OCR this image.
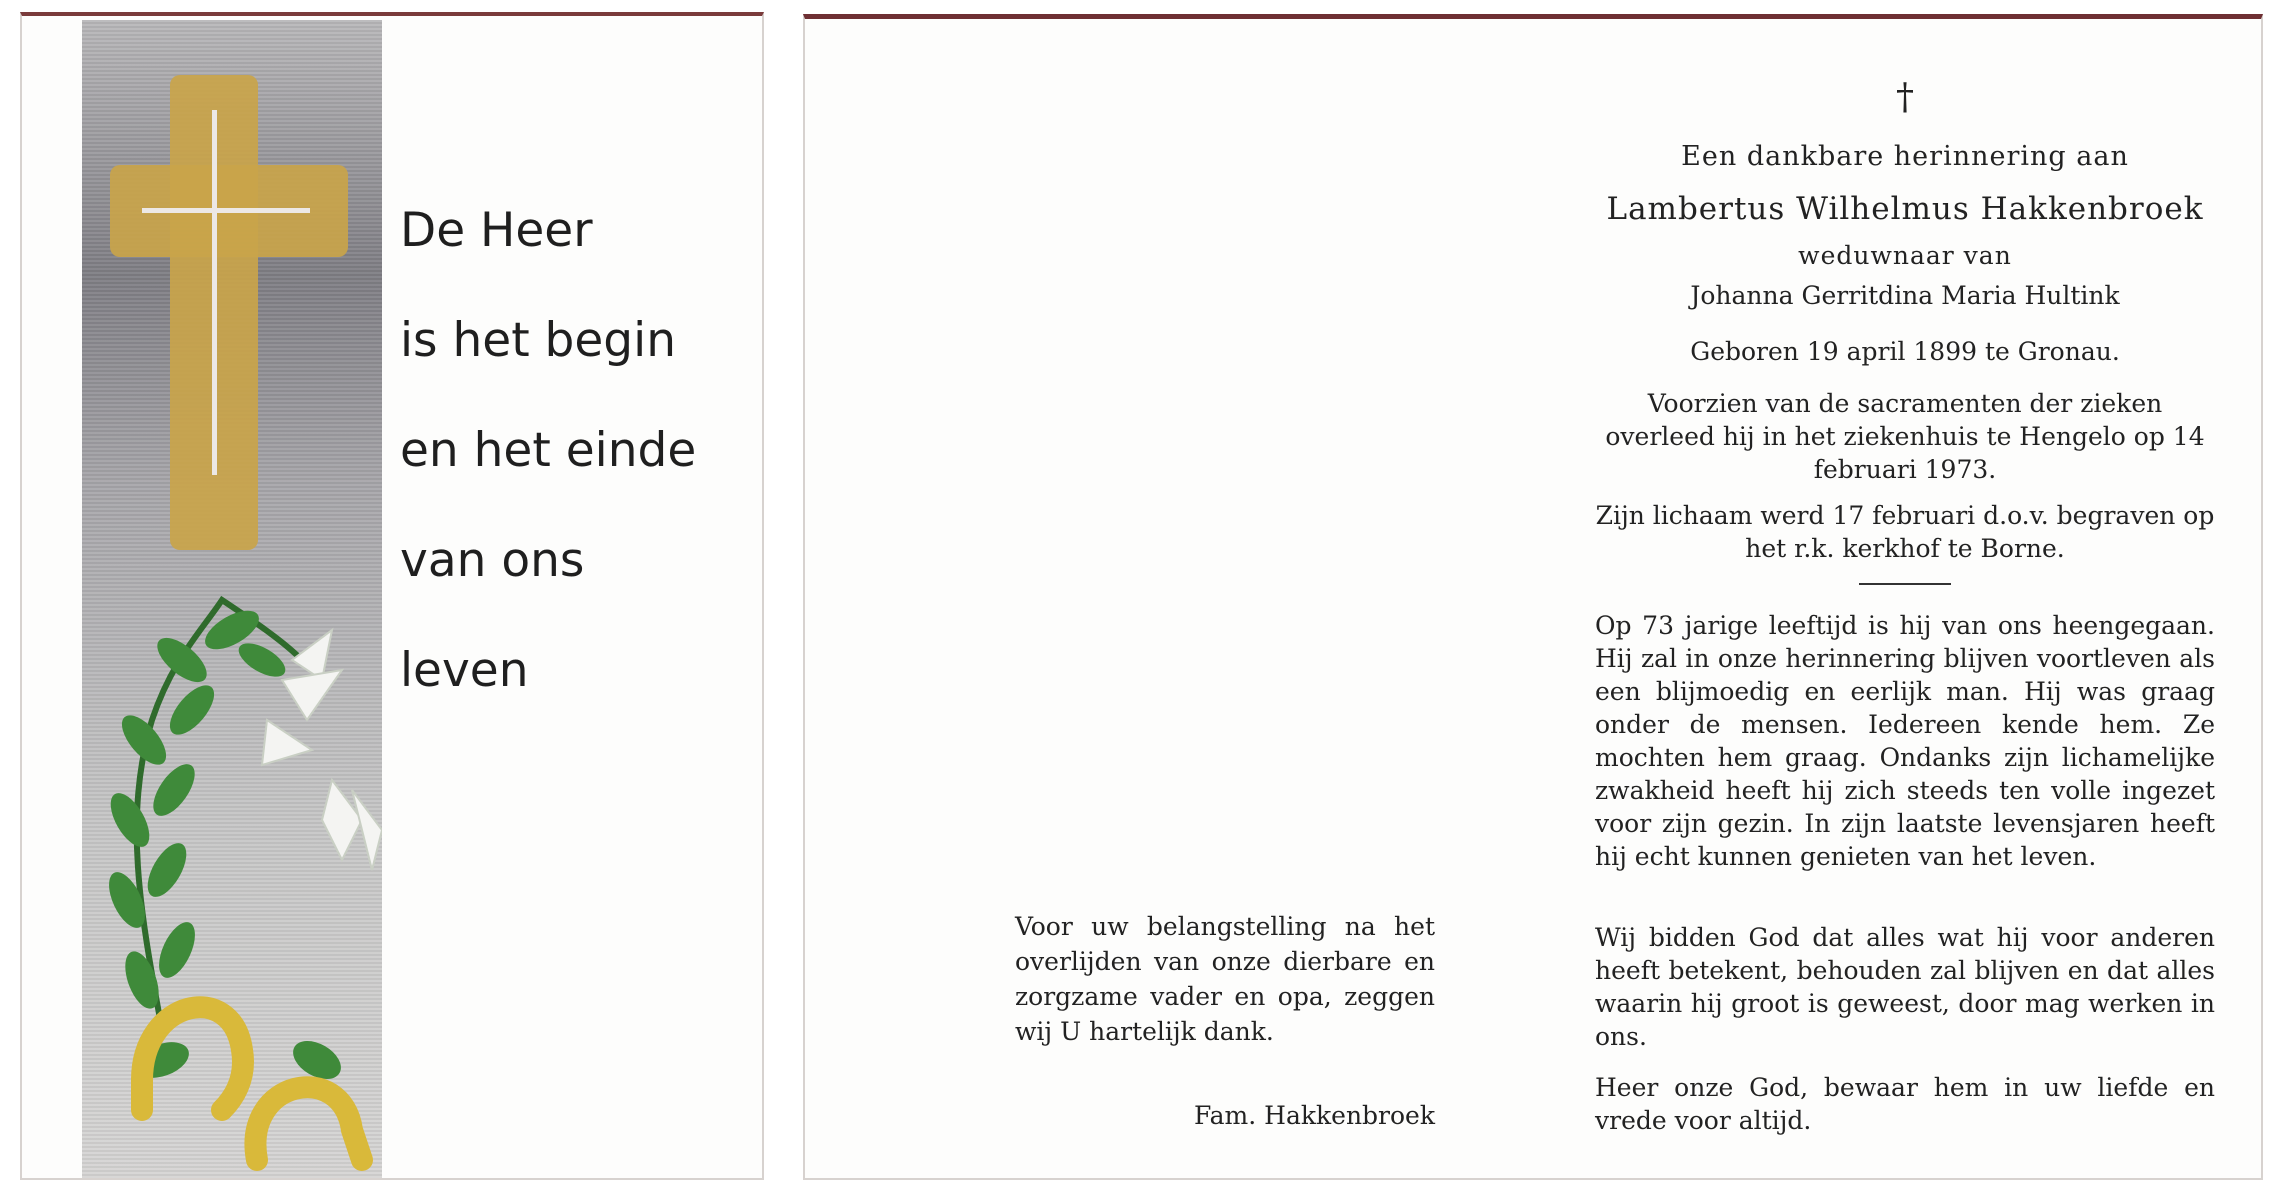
De Heer
is het begin
en het einde
van ons
leven
Voor uw belangstelling na het overlijden van onze dierbare en zorgzame vader en opa, zeggen wij U hartelijk dank.
Fam. Hakkenbroek
†
Een dankbare herinnering aan
Lambertus Wilhelmus Hakkenbroek
weduwnaar van
Johanna Gerritdina Maria Hultink
Geboren 19 april 1899 te Gronau.
Voorzien van de sacramenten der zieken overleed hij in het ziekenhuis te Hengelo op 14 februari 1973.
Zijn lichaam werd 17 februari d.o.v. begraven op het r.k. kerkhof te Borne.
Op 73 jarige leeftijd is hij van ons heengegaan. Hij zal in onze herinnering blijven voortleven als een blijmoedig en eerlijk man. Hij was graag onder de mensen. Iedereen kende hem. Ze mochten hem graag. Ondanks zijn lichamelijke zwakheid heeft hij zich steeds ten volle ingezet voor zijn gezin. In zijn laatste levensjaren heeft hij echt kunnen genieten van het leven.
Wij bidden God dat alles wat hij voor anderen heeft betekent, behouden zal blijven en dat alles waarin hij groot is geweest, door mag werken in ons.
Heer onze God, bewaar hem in uw liefde en vrede voor altijd.
